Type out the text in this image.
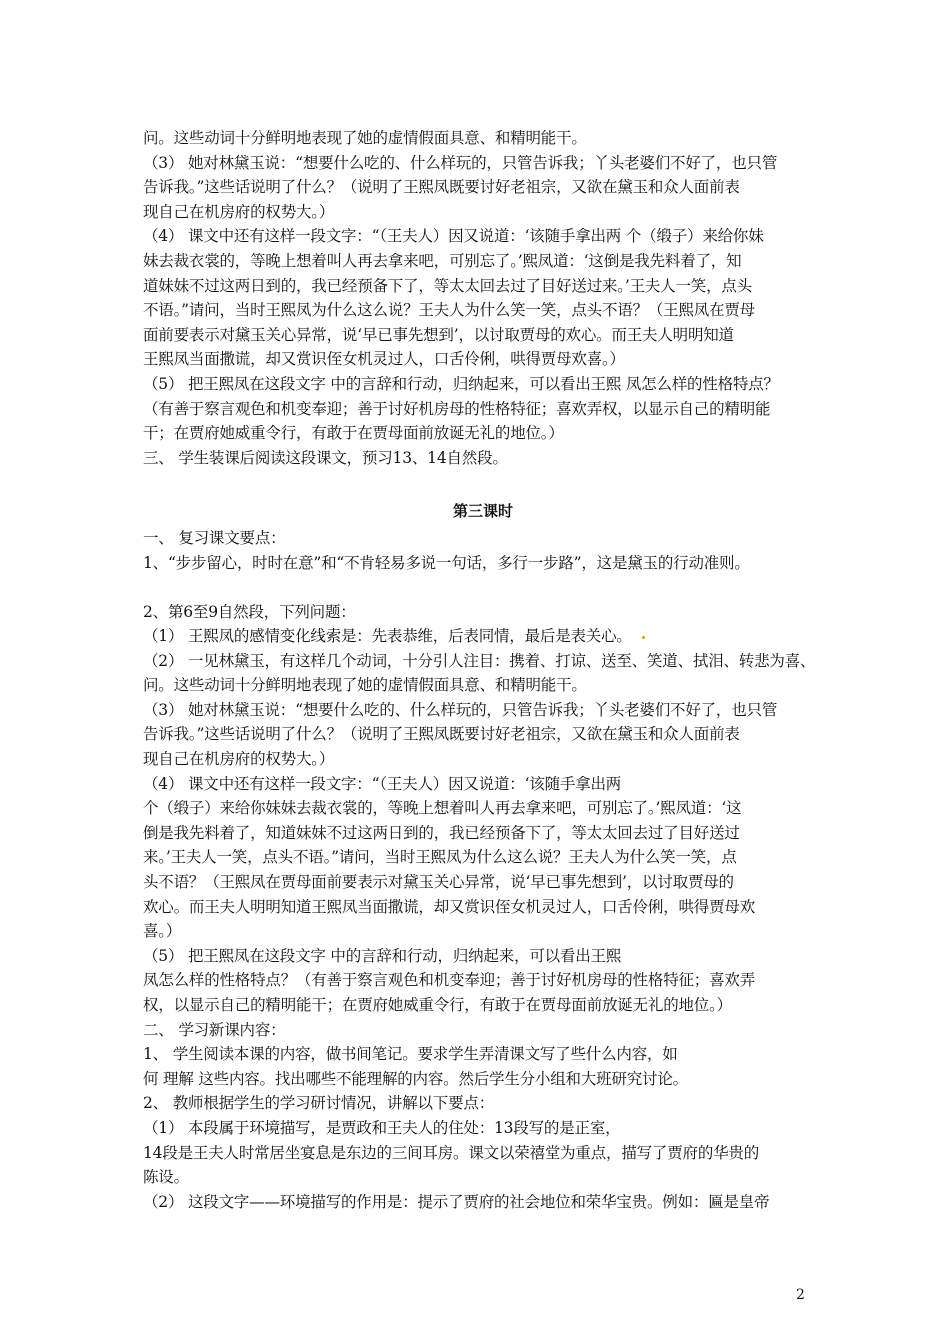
问。这些动词十分鲜明地表现了她的虚情假面具意、和精明能干。
（3） 她对林黛玉说：“想要什么吃的、什么样玩的，只管告诉我；丫头老婆们不好了，也只管
告诉我。”这些话说明了什么？（说明了王熙凤既要讨好老祖宗，又欲在黛玉和众人面前表
现自己在机房府的权势大。）
（4） 课文中还有这样一段文字：“（王夫人）因又说道：‘该随手拿出两 个（缎子）来给你妹
妹去裁衣裳的，等晚上想着叫人再去拿来吧，可别忘了。’熙凤道：‘这倒是我先料着了，知
道妹妹不过这两日到的，我已经预备下了，等太太回去过了目好送过来。’王夫人一笑，点头
不语。”请问，当时王熙凤为什么这么说？王夫人为什么笑一笑，点头不语？（王熙凤在贾母
面前要表示对黛玉关心异常，说‘早已事先想到’，以讨取贾母的欢心。而王夫人明明知道
王熙凤当面撒谎，却又赏识侄女机灵过人，口舌伶俐，哄得贾母欢喜。）
（5） 把王熙凤在这段文字 中的言辞和行动，归纳起来，可以看出王熙 凤怎么样的性格特点？
（有善于察言观色和机变奉迎；善于讨好机房母的性格特征；喜欢弄权，以显示自己的精明能
干；在贾府她威重令行，有敢于在贾母面前放诞无礼的地位。）
三、 学生装课后阅读这段课文，预习13、14自然段。
第三课时
一、 复习课文要点：
1、“步步留心，时时在意”和“不肯轻易多说一句话，多行一步路”，这是黛玉的行动准则。
2、第6至9自然段，下列问题：
（1） 王熙凤的感情变化线索是：先表恭维，后表同情，最后是表关心。
（2） 一见林黛玉，有这样几个动词，十分引人注目：携着、打谅、送至、笑道、拭泪、转悲为喜、
问。这些动词十分鲜明地表现了她的虚情假面具意、和精明能干。
（3） 她对林黛玉说：“想要什么吃的、什么样玩的，只管告诉我；丫头老婆们不好了，也只管
告诉我。”这些话说明了什么？（说明了王熙凤既要讨好老祖宗，又欲在黛玉和众人面前表
现自己在机房府的权势大。）
（4） 课文中还有这样一段文字：“（王夫人）因又说道：‘该随手拿出两
个（缎子）来给你妹妹去裁衣裳的，等晚上想着叫人再去拿来吧，可别忘了。’熙凤道：‘这
倒是我先料着了，知道妹妹不过这两日到的，我已经预备下了，等太太回去过了目好送过
来。’王夫人一笑，点头不语。”请问，当时王熙凤为什么这么说？王夫人为什么笑一笑，点
头不语？（王熙凤在贾母面前要表示对黛玉关心异常，说‘早已事先想到’，以讨取贾母的
欢心。而王夫人明明知道王熙凤当面撒谎，却又赏识侄女机灵过人，口舌伶俐，哄得贾母欢
喜。）
（5） 把王熙凤在这段文字 中的言辞和行动，归纳起来，可以看出王熙
凤怎么样的性格特点？（有善于察言观色和机变奉迎；善于讨好机房母的性格特征；喜欢弄
权，以显示自己的精明能干；在贾府她威重令行，有敢于在贾母面前放诞无礼的地位。）
二、 学习新课内容：
1、 学生阅读本课的内容，做书间笔记。要求学生弄清课文写了些什么内容，如
何 理解 这些内容。找出哪些不能理解的内容。然后学生分小组和大班研究讨论。
2、 教师根据学生的学习研讨情况，讲解以下要点：
（1） 本段属于环境描写，是贾政和王夫人的住处：13段写的是正室，
14段是王夫人时常居坐宴息是东边的三间耳房。课文以荣禧堂为重点，描写了贾府的华贵的
陈设。
（2） 这段文字——环境描写的作用是：提示了贾府的社会地位和荣华宝贵。例如：匾是皇帝
2
